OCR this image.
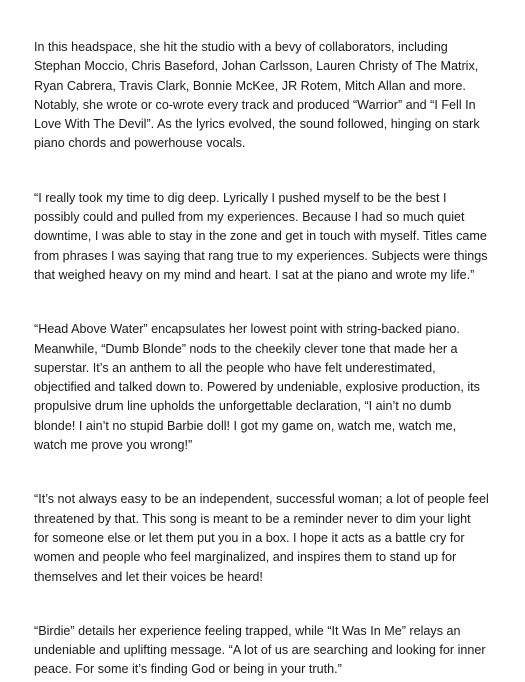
In this headspace, she hit the studio with a bevy of collaborators, including
Stephan Moccio, Chris Baseford, Johan Carlsson, Lauren Christy of The Matrix,
Ryan Cabrera, Travis Clark, Bonnie McKee, JR Rotem, Mitch Allan and more.
Notably, she wrote or co-wrote every track and produced “Warrior” and “I Fell In
Love With The Devil”. As the lyrics evolved, the sound followed, hinging on stark
piano chords and powerhouse vocals.

“I really took my time to dig deep. Lyrically I pushed myself to be the best I
possibly could and pulled from my experiences. Because I had so much quiet
downtime, I was able to stay in the zone and get in touch with myself. Titles came
from phrases I was saying that rang true to my experiences. Subjects were things
that weighed heavy on my mind and heart. I sat at the piano and wrote my life.”

“Head Above Water” encapsulates her lowest point with string-backed piano.
Meanwhile, “Dumb Blonde” nods to the cheekily clever tone that made her a
superstar. It’s an anthem to all the people who have felt underestimated,
objectified and talked down to. Powered by undeniable, explosive production, its
propulsive drum line upholds the unforgettable declaration, “I ain’t no dumb
blonde! I ain’t no stupid Barbie doll! I got my game on, watch me, watch me,
watch me prove you wrong!”

“It’s not always easy to be an independent, successful woman; a lot of people feel
threatened by that. This song is meant to be a reminder never to dim your light
for someone else or let them put you in a box. I hope it acts as a battle cry for
women and people who feel marginalized, and inspires them to stand up for
themselves and let their voices be heard!

“Birdie” details her experience feeling trapped, while “It Was In Me” relays an
undeniable and uplifting message. “A lot of us are searching and looking for inner
peace. For some it’s finding God or being in your truth.”
